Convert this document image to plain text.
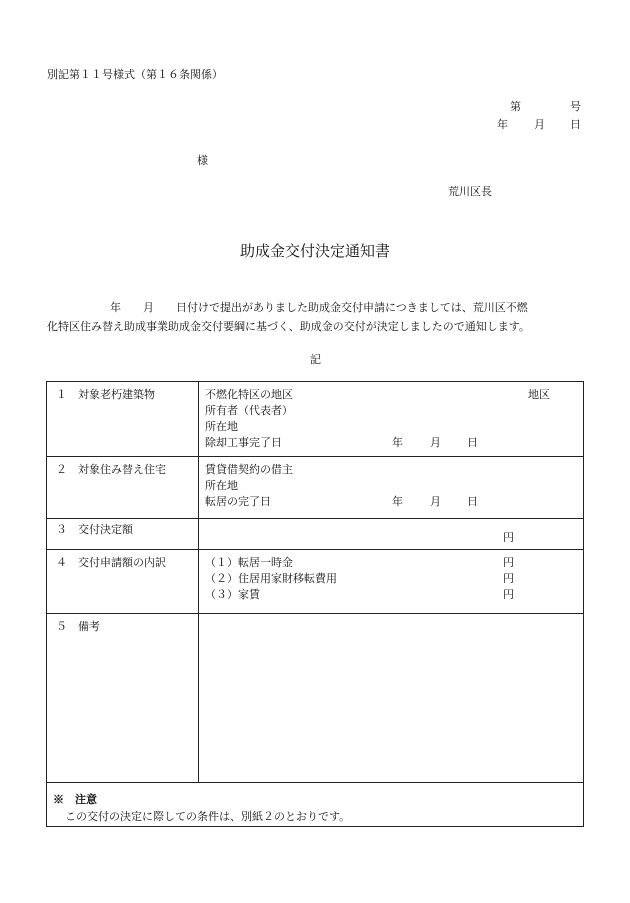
別記第１１号様式（第１６条関係）
第	号
年 月 日
様
荒川区長
助成金交付決定通知書
年　　月　　日付けで提出がありました助成金交付申請につきましては、荒川区不燃
化特区住み替え助成事業助成金交付要綱に基づく、助成金の交付が決定しましたので通知します。
記
１　対象老朽建築物	不燃化特区の地区	地区
所有者（代表者）
所在地
除却工事完了日	年 月 日
２　対象住み替え住宅	賃貸借契約の借主
所在地
転居の完了日	年 月 日
３　交付決定額
円
４　交付申請額の内訳	（１）転居一時金	円
（２）住居用家財移転費用	円
（３）家賃	円
５　備考
※　注意
この交付の決定に際しての条件は、別紙２のとおりです。
